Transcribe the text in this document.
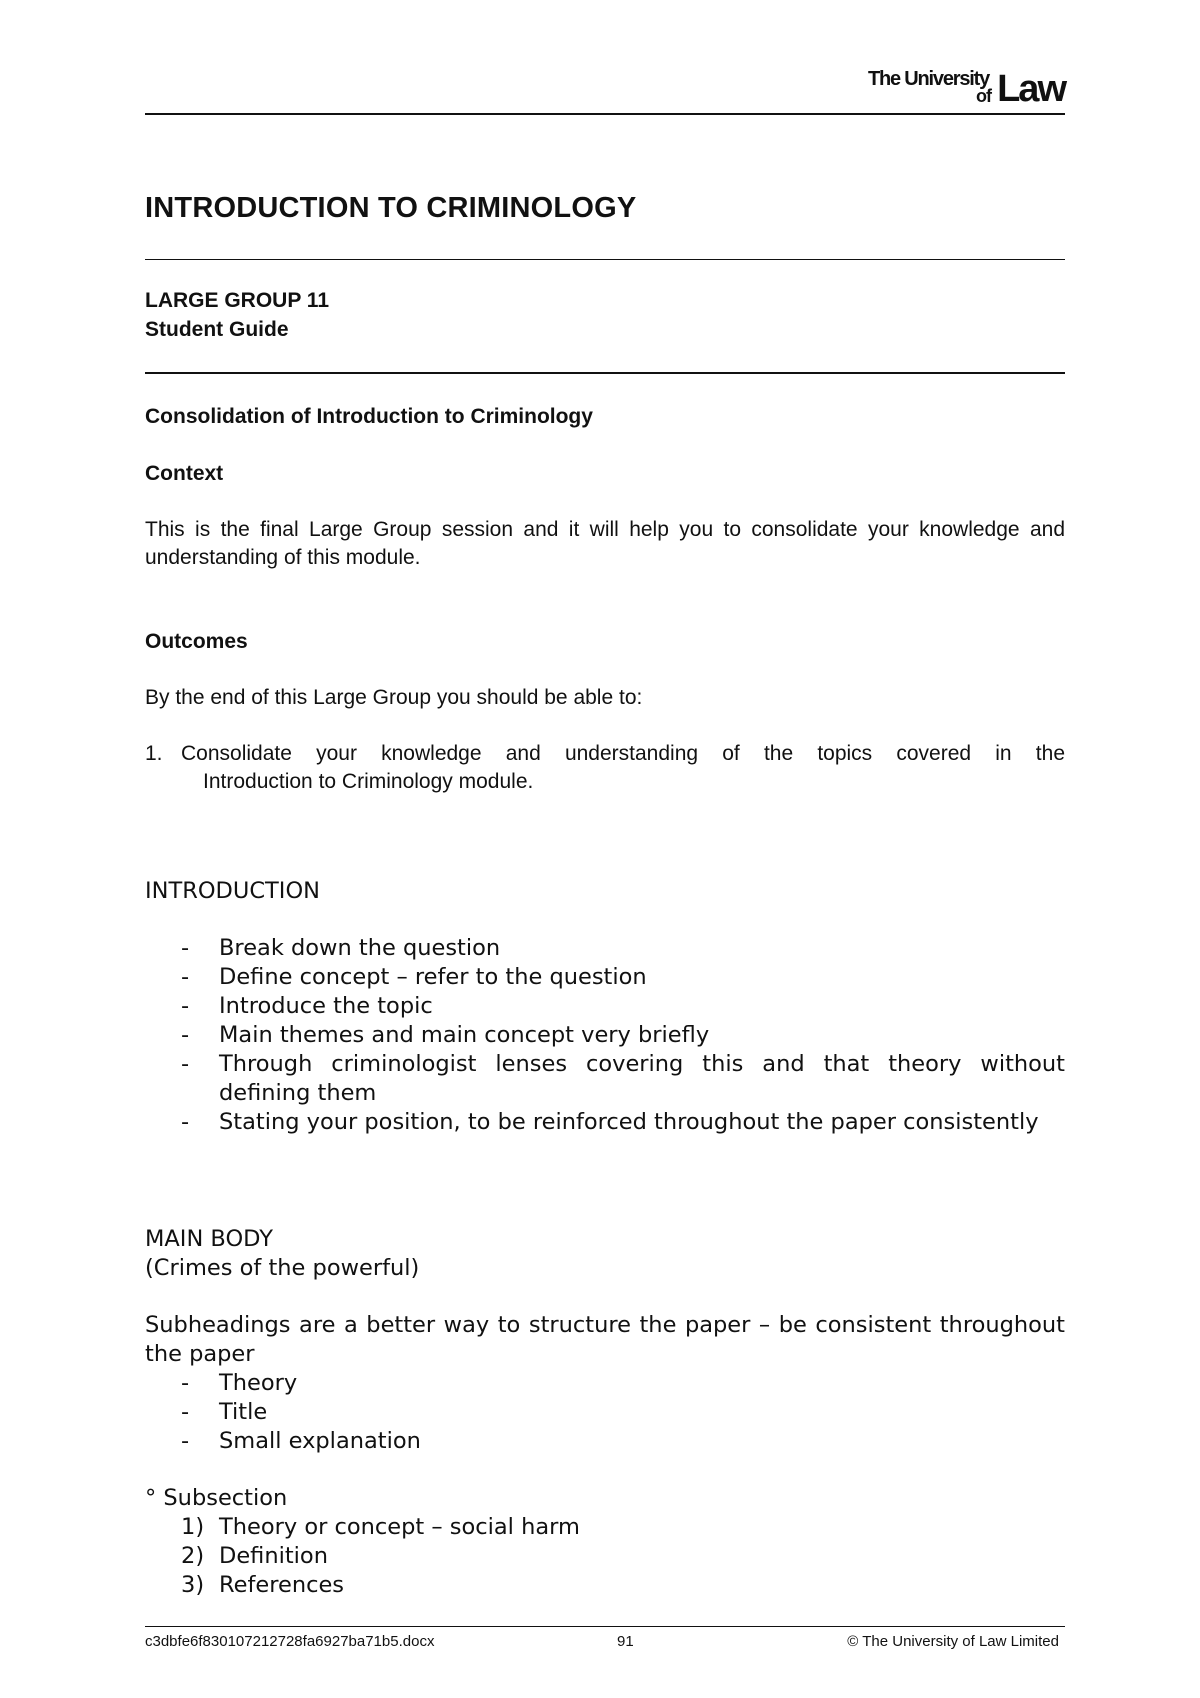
The University
of Law
INTRODUCTION TO CRIMINOLOGY
LARGE GROUP 11
Student Guide
Consolidation of Introduction to Criminology
Context
This is the final Large Group session and it will help you to consolidate your knowledge and understanding of this module.
Outcomes
By the end of this Large Group you should be able to:
1. Consolidate your knowledge and understanding of the topics covered in the
Introduction to Criminology module.
INTRODUCTION
- Break down the question
- Define concept – refer to the question
- Introduce the topic
- Main themes and main concept very briefly
- Through criminologist lenses covering this and that theory without defining them
- Stating your position, to be reinforced throughout the paper consistently
MAIN BODY
(Crimes of the powerful)
Subheadings are a better way to structure the paper – be consistent throughout the paper
- Theory
- Title
- Small explanation
° Subsection
1) Theory or concept – social harm
2) Definition
3) References
c3dbfe6f830107212728fa6927ba71b5.docx	91	© The University of Law Limited
